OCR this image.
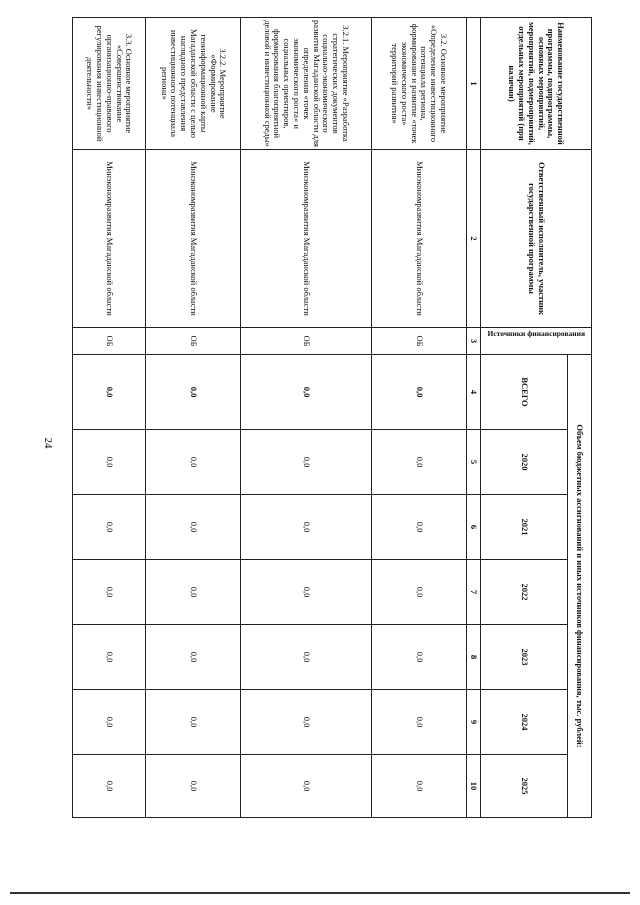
24
Наименование государственной программы, подпрограммы, основных мероприятий, мероприятий, подмероприятий, отдельных мероприятий (при наличии)	Ответственный исполнитель, участник государственной программы	Источники финансирования	Объем бюджетных ассигнований и иных источников финансирования, тыс. рублей:						
			ВСЕГО	2020	2021	2022	2023	2024	2025
1	2	3	4	5	6	7	8	9	10
3.2. Основное мероприятие «Определение инвестиционного потенциала региона, формирование и развитие «точек экономического роста» территорий развития»	Минэкономразвития Магаданской области	ОБ	0,0	0,0	0,0	0,0	0,0	0,0	0,0
3.2.1. Мероприятие «Разработка стратегических документов социально-экономического развития Магаданской области для определения «точек экономического роста» и социальных ориентиров, формирования благоприятной деловой и инвестиционной среды»	Минэкономразвития Магаданской области	ОБ	0,0	0,0	0,0	0,0	0,0	0,0	0,0
3.2.2. Мероприятие «Формирование геоинформационной карты Магаданской области с целью наглядного представления инвестиционного потенциала региона»	Минэкономразвития Магаданской области	ОБ	0,0	0,0	0,0	0,0	0,0	0,0	0,0
3.3. Основное мероприятие «Совершенствование организационно-правового регулирования инвестиционной деятельности»	Минэкономразвития Магаданской области	ОБ	0,0	0,0	0,0	0,0	0,0	0,0	0,0
